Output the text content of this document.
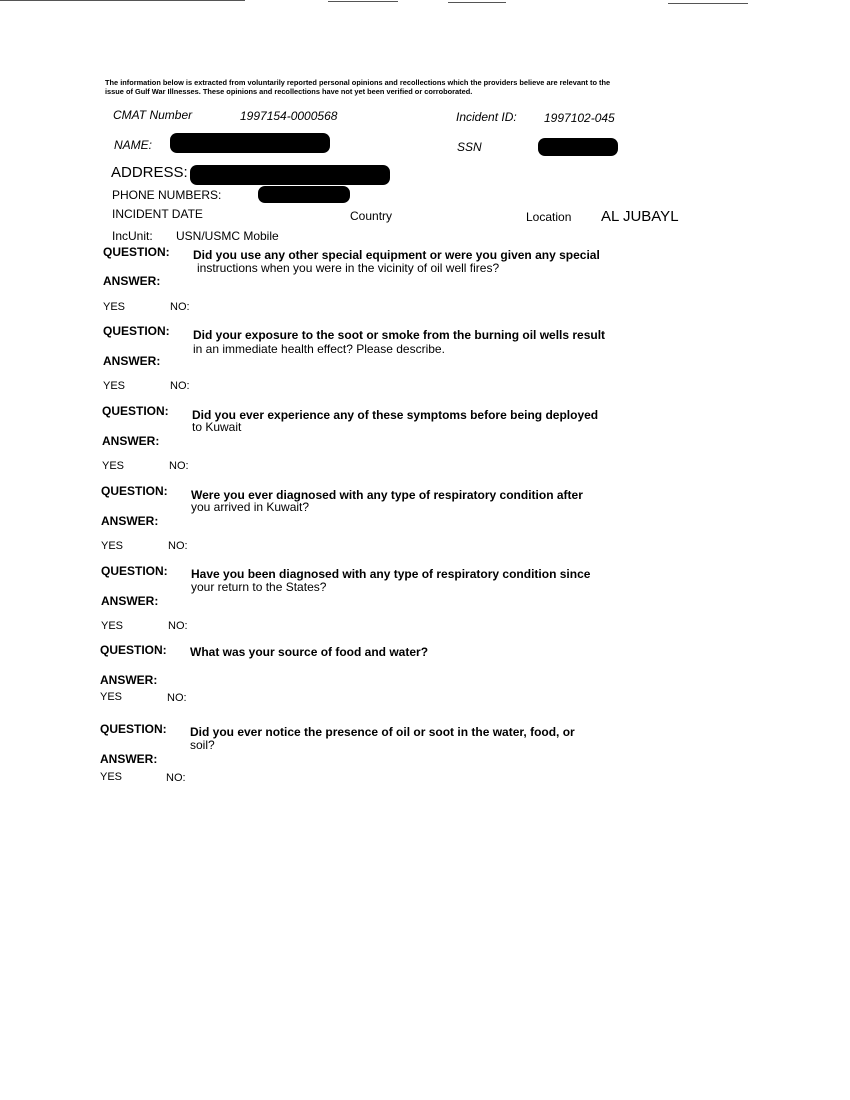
The information below is extracted from voluntarily reported personal opinions and recollections which the providers believe are relevant to the
issue of Gulf War Illnesses. These opinions and recollections have not yet been verified or corroborated.
CMAT Number	1997154-0000568	Incident ID: 1997102-045
NAME:	SSN
ADDRESS:
PHONE NUMBERS:
INCIDENT DATE	Country	Location AL JUBAYL
IncUnit: USN/USMC Mobile
QUESTION: Did you use any other special equipment or were you given any special
instructions when you were in the vicinity of oil well fires?
ANSWER:
YES	NO:
QUESTION: Did your exposure to the soot or smoke from the burning oil wells result
in an immediate health effect? Please describe.
ANSWER:
YES	NO:
QUESTION: Did you ever experience any of these symptoms before being deployed
to Kuwait
ANSWER:
YES	NO:
QUESTION: Were you ever diagnosed with any type of respiratory condition after
you arrived in Kuwait?
ANSWER:
YES	NO:
QUESTION: Have you been diagnosed with any type of respiratory condition since
your return to the States?
ANSWER:
YES	NO:
QUESTION: What was your source of food and water?
ANSWER:
YES	NO:
QUESTION: Did you ever notice the presence of oil or soot in the water, food, or
soil?
ANSWER:
YES	NO:
